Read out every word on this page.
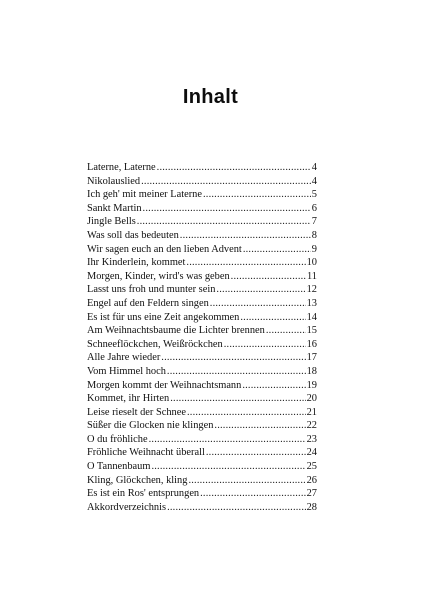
Inhalt
Laterne, Laterne .....	4
Nikolauslied .....	4
Ich geh' mit meiner Laterne .....	5
Sankt Martin .....	6
Jingle Bells .....	7
Was soll das bedeuten .....	8
Wir sagen euch an den lieben Advent .....	9
Ihr Kinderlein, kommet .....	10
Morgen, Kinder, wird's was geben .....	11
Lasst uns froh und munter sein .....	12
Engel auf den Feldern singen .....	13
Es ist für uns eine Zeit angekommen .....	14
Am Weihnachtsbaume die Lichter brennen .....	15
Schneeflöckchen, Weißröckchen .....	16
Alle Jahre wieder .....	17
Vom Himmel hoch .....	18
Morgen kommt der Weihnachtsmann .....	19
Kommet, ihr Hirten .....	20
Leise rieselt der Schnee .....	21
Süßer die Glocken nie klingen .....	22
O du fröhliche .....	23
Fröhliche Weihnacht überall .....	24
O Tannenbaum .....	25
Kling, Glöckchen, kling .....	26
Es ist ein Ros' entsprungen .....	27
Akkordverzeichnis .....	28
